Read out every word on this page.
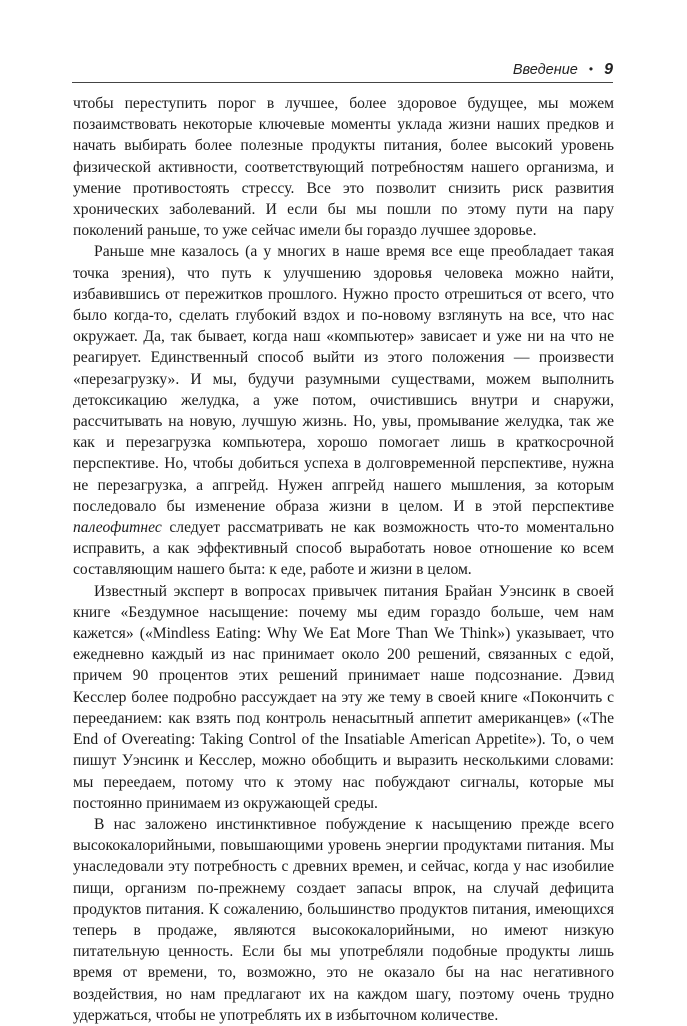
Введение • 9

чтобы переступить порог в лучшее, более здоровое будущее, мы можем позаимствовать некоторые ключевые моменты уклада жизни наших предков и начать выбирать более полезные продукты питания, более высокий уровень физической активности, соответствующий потребностям нашего организма, и умение противостоять стрессу. Все это позволит снизить риск развития хронических заболеваний. И если бы мы пошли по этому пути на пару поколений раньше, то уже сейчас имели бы гораздо лучшее здоровье.

Раньше мне казалось (а у многих в наше время все еще преобладает такая точка зрения), что путь к улучшению здоровья человека можно найти, избавившись от пережитков прошлого. Нужно просто отрешиться от всего, что было когда-то, сделать глубокий вздох и по-новому взглянуть на все, что нас окружает. Да, так бывает, когда наш «компьютер» зависает и уже ни на что не реагирует. Единственный способ выйти из этого положения — произвести «перезагрузку». И мы, будучи разумными существами, можем выполнить детоксикацию желудка, а уже потом, очистившись внутри и снаружи, рассчитывать на новую, лучшую жизнь. Но, увы, промывание желудка, так же как и перезагрузка компьютера, хорошо помогает лишь в краткосрочной перспективе. Но, чтобы добиться успеха в долговременной перспективе, нужна не перезагрузка, а апгрейд. Нужен апгрейд нашего мышления, за которым последовало бы изменение образа жизни в целом. И в этой перспективе палеофитнес следует рассматривать не как возможность что-то моментально исправить, а как эффективный способ выработать новое отношение ко всем составляющим нашего быта: к еде, работе и жизни в целом.

Известный эксперт в вопросах привычек питания Брайан Уэнсинк в своей книге «Бездумное насыщение: почему мы едим гораздо больше, чем нам кажется» («Mindless Eating: Why We Eat More Than We Think») указывает, что ежедневно каждый из нас принимает около 200 решений, связанных с едой, причем 90 процентов этих решений принимает наше подсознание. Дэвид Кесслер более подробно рассуждает на эту же тему в своей книге «Покончить с перееданием: как взять под контроль ненасытный аппетит американцев» («The End of Overeating: Taking Control of the Insatiable American Appetite»). То, о чем пишут Уэнсинк и Кесслер, можно обобщить и выразить несколькими словами: мы переедаем, потому что к этому нас побуждают сигналы, которые мы постоянно принимаем из окружающей среды.

В нас заложено инстинктивное побуждение к насыщению прежде всего высококалорийными, повышающими уровень энергии продуктами питания. Мы унаследовали эту потребность с древних времен, и сейчас, когда у нас изобилие пищи, организм по-прежнему создает запасы впрок, на случай дефицита продуктов питания. К сожалению, большинство продуктов питания, имеющихся теперь в продаже, являются высококалорийными, но имеют низкую питательную ценность. Если бы мы употребляли подобные продукты лишь время от времени, то, возможно, это не оказало бы на нас негативного воздействия, но нам предлагают их на каждом шагу, поэтому очень трудно удержаться, чтобы не употреблять их в избыточном количестве.
